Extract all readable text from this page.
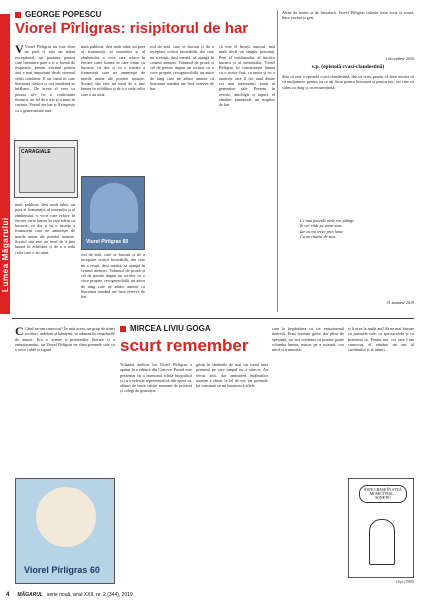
Lumea Măgarului
GEORGE POPESCU
Viorel Pîrligras: risipitorul de har
V Viorel Pîrligras nu este doar un poet ci este un talent excepțional, un prozator pentru care literatura pare a fi o formă de respirație, pentru viermul pentru artă e mai important decât viermul vieții cotidiene. E un cazul în care literatura clasică și cea modernă se întâlnesc. De aceea el vrea ca poezia să-i fie o confesiune firească, un fel de a trăi și a muri în cuvinte. Poetul are har și îl risipește cu o generozitate rară.
CARAGIALE
mult publicat, deși mult iubit, un poet al frumuseții, al umorului și al zîmbetului, o voce care reface în fiecare carte lumea în care trăim cu bucurie, cu dor și cu o tristețe a frumuseții care ne amintește de marile nume ale poeziei noastre. Scrisul său este un mod de a ține lumea în echilibru și de a o reda celor care o au uitat.
mult publicat, deși mult iubit, un poet al frumuseții, al umorului și al zîmbetului, o voce care reface în fiecare carte lumea în care trăim cu bucurie, cu dor și cu o tristețe a frumuseții care ne amintește de marile nume ale poeziei noastre. Scrisul său este un mod de a ține lumea în echilibru și de a o reda celor care o au uitat.
Viorel Pîrligras 60
rod de artă, care se bucură și de o receptare critică favorabilă, dar care nu a reușit, deși merită, să ajungă în centrul atenției. Volumul de proză și cel de poezie impun un scriitor cu o voce proprie, recognoscibilă, un autor de rang care ne aduce aminte că literatura română are încă rezerve de har.
rod de artă, care se bucură și de o receptare critică favorabilă, dar care nu a reușit, deși merită, să ajungă în centrul atenției. Volumul de proză și cel de poezie impun un scriitor cu o voce proprie, recognoscibilă, un autor de rang care ne aduce aminte că literatura română are încă rezerve de har.
că este el însuși, autorul, mai mult decît un simplu personaj. Poet al cotidianului, al micilor bucurii și al neliniștilor, Viorel Pîrligras își construiește lumea cu o ironie fină, cu umor și cu o tandrețe care îl fac unul dintre cei mai interesanți poeți ai generației sale. Prezent în reviste, antologii și topuri, el rămâne, paradoxal, un risipitor de har.
Artist de teatru și de literatură, Viorel Pîrligras trăiește între scris și scenă, între cuvânt și gest.
1 decembrie 2016
v.p. (epistolă cvasi-clandestină)
Știu că este o epistolă cvasi-clandestină, dar vă scriu pentru că simt nevoia să vă mulțumesc pentru tot ce ați făcut pentru literatură și pentru noi, cei care vă citim cu drag și cu recunoștință.
Ce mai poeziile mele vor plânge
Și vor râde pe urma mea,
Iar eu voi trece prin lume
Ca un răsărit de stea.
31 ianuarie 2019
MIRCEA LIVIU GOGA
scurt remember
C Când ne-am cunoscut? În anii aceia, un grup de tineri scriitori, ardeleni și bănățeni, se adunau în cenaclurile de atunci. Era o vreme a prieteniilor literare și a entuziasmului, iar Viorel Pîrligras ne citea poemele sale cu o voce caldă și sigură.
Viorel Pîrligras 60
Volumul dedicat lui Viorel Pîrligras a apărut la o editură din Craiova. Poetul este prezentat cu o frumoasă schiță biografică și cu o selecție reprezentativă din opera sa, alături de texte critice semnate de prieteni și colegi de generație.
găsiți în rândurile de mai sus tonul unei prietenii pe care timpul nu a stins-o. Au trecut anii, dar amintirea întâlnirilor noastre a rămas la fel de vie, iar poemele lui continuă să-mi însoțească zilele.
care le împărtășea cu tot entuziasmul tinereții. Erau vremuri grele, dar pline de speranță, iar noi credeam că poezia poate schimba lumea, măcar pe a noastră, cea mică și frumoasă.
și îi urez la mulți ani! Să ne mai bucure cu poemele sale, cu spectacolele și cu prietenia sa. Pentru noi, cei care l-am cunoscut, el rămâne un om al cuvântului și al inimii.
ESTE CREȘE ÎN STEA MI RECITESC... SONETE!
Clipe (1980)
4 MĂGARUL serie nouă, anul XXII, nr. 2 (344), 2019
